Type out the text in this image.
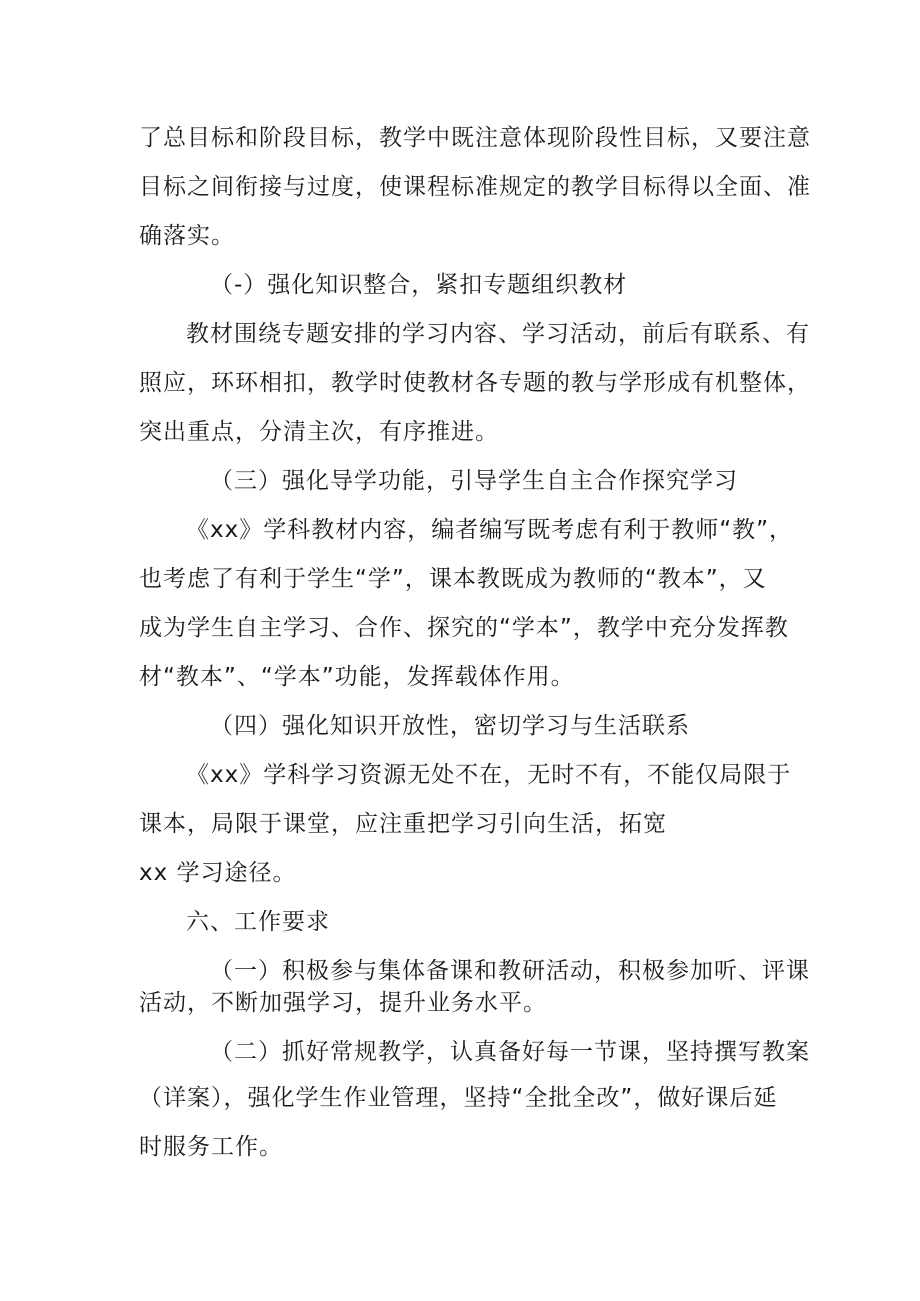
了总目标和阶段目标，教学中既注意体现阶段性目标，又要注意
目标之间衔接与过度，使课程标准规定的教学目标得以全面、准
确落实。
（-）强化知识整合，紧扣专题组织教材
教材围绕专题安排的学习内容、学习活动，前后有联系、有
照应，环环相扣，教学时使教材各专题的教与学形成有机整体，
突出重点，分清主次，有序推进。
（三）强化导学功能，引导学生自主合作探究学习
《xx》学科教材内容，编者编写既考虑有利于教师“教”，
也考虑了有利于学生“学”，课本教既成为教师的“教本”，又
成为学生自主学习、合作、探究的“学本”，教学中充分发挥教
材“教本”、“学本”功能，发挥载体作用。
（四）强化知识开放性，密切学习与生活联系
《xx》学科学习资源无处不在，无时不有，不能仅局限于
课本，局限于课堂，应注重把学习引向生活，拓宽
xx 学习途径。
六、工作要求
（一）积极参与集体备课和教研活动，积极参加听、评课
活动，不断加强学习，提升业务水平。
（二）抓好常规教学，认真备好每一节课，坚持撰写教案
（详案），强化学生作业管理，坚持“全批全改”，做好课后延
时服务工作。
